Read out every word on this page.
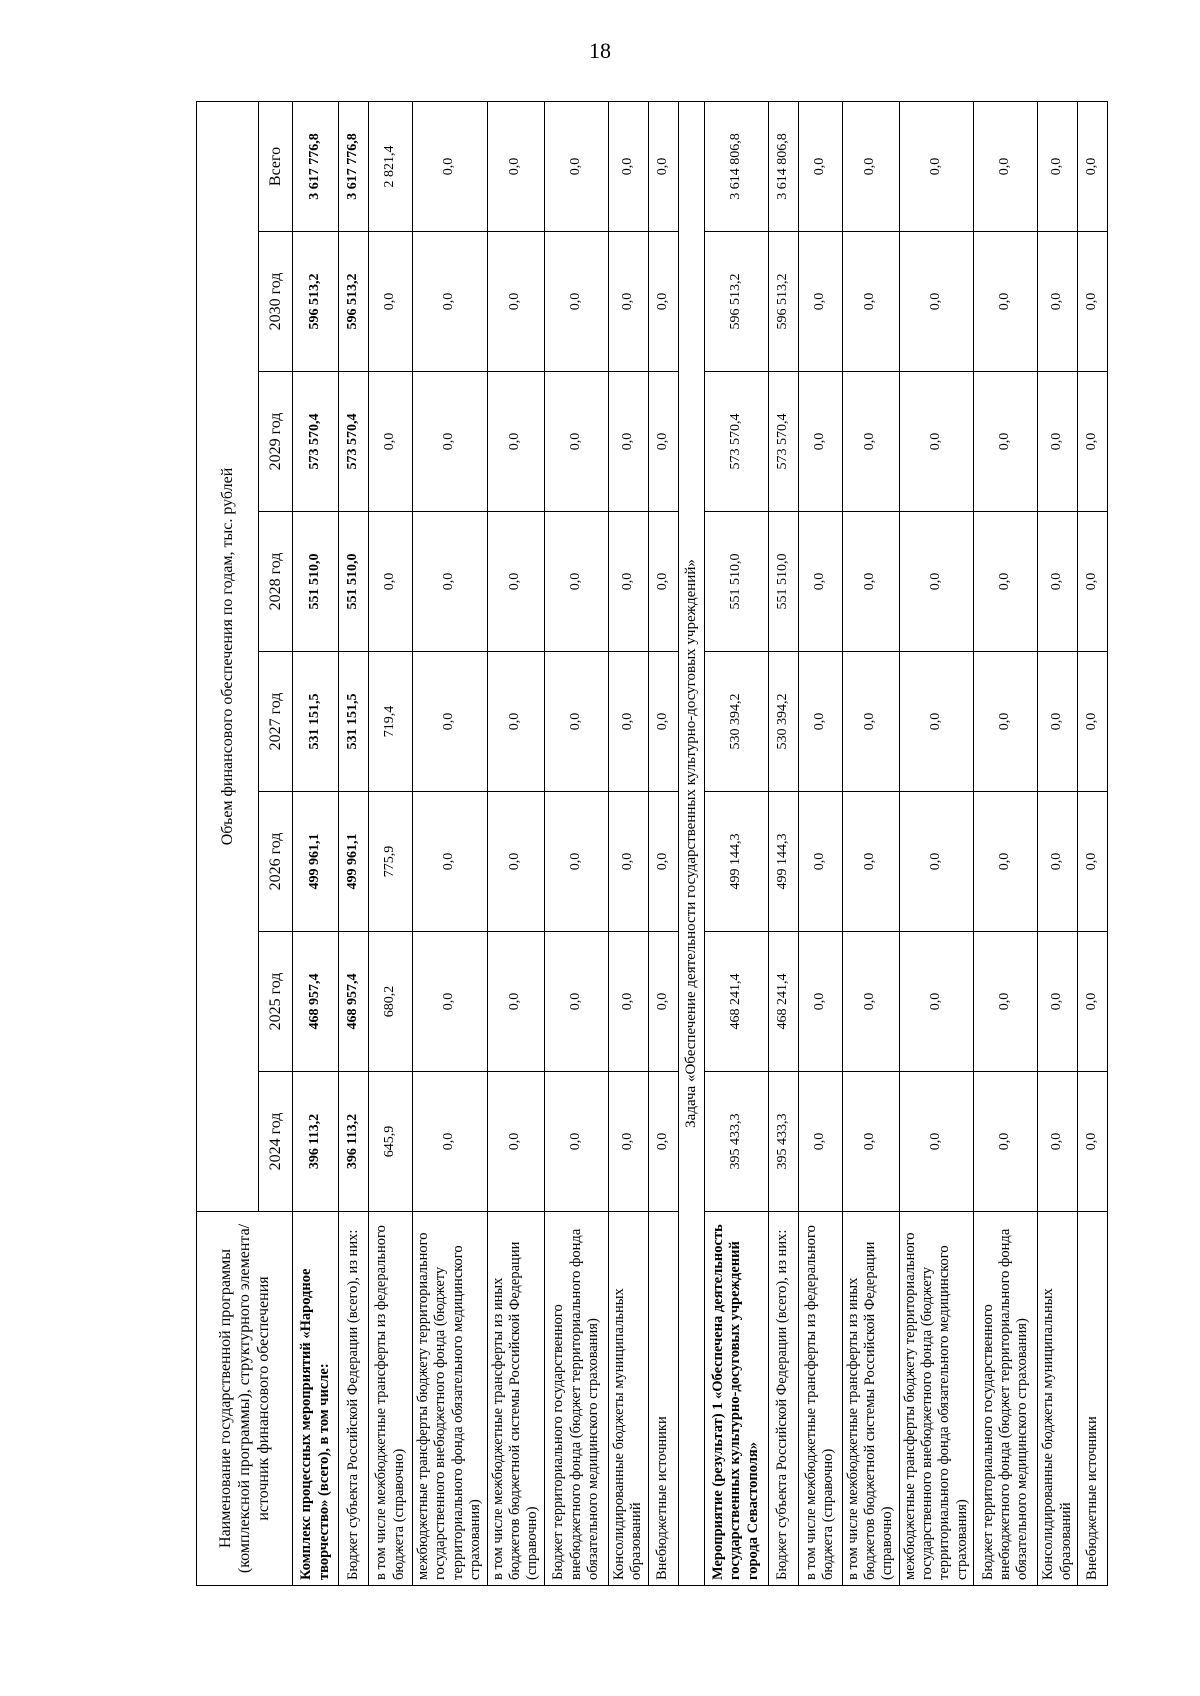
18
Наименование государственной программы (комплексной программы), структурного элемента/источник финансового обеспечения	Объем финансового обеспечения по годам, тыс. рублей							
	2024 год	2025 год	2026 год	2027 год	2028 год	2029 год	2030 год	Всего
Комплекс процессных мероприятий «Народное творчество» (всего), в том числе:	396 113,2	468 957,4	499 961,1	531 151,5	551 510,0	573 570,4	596 513,2	3 617 776,8
Бюджет субъекта Российской Федерации (всего), из них:	396 113,2	468 957,4	499 961,1	531 151,5	551 510,0	573 570,4	596 513,2	3 617 776,8
в том числе межбюджетные трансферты из федерального бюджета (справочно)	645,9	680,2	775,9	719,4	0,0	0,0	0,0	2 821,4
межбюджетные трансферты бюджету территориального государственного внебюджетного фонда (бюджету территориального фонда обязательного медицинского страхования)	0,0	0,0	0,0	0,0	0,0	0,0	0,0	0,0
в том числе межбюджетные трансферты из иных бюджетов бюджетной системы Российской Федерации (справочно)	0,0	0,0	0,0	0,0	0,0	0,0	0,0	0,0
Бюджет территориального государственного внебюджетного фонда (бюджет территориального фонда обязательного медицинского страхования)	0,0	0,0	0,0	0,0	0,0	0,0	0,0	0,0
Консолидированные бюджеты муниципальных образований	0,0	0,0	0,0	0,0	0,0	0,0	0,0	0,0
Внебюджетные источники	0,0	0,0	0,0	0,0	0,0	0,0	0,0	0,0
Задача «Обеспечение деятельности государственных культурно-досуговых учреждений»								
Мероприятие (результат) 1 «Обеспечена деятельность государственных культурно-досуговых учреждений города Севастополя»	395 433,3	468 241,4	499 144,3	530 394,2	551 510,0	573 570,4	596 513,2	3 614 806,8
Бюджет субъекта Российской Федерации (всего), из них:	395 433,3	468 241,4	499 144,3	530 394,2	551 510,0	573 570,4	596 513,2	3 614 806,8
в том числе межбюджетные трансферты из федерального бюджета (справочно)	0,0	0,0	0,0	0,0	0,0	0,0	0,0	0,0
в том числе межбюджетные трансферты из иных бюджетов бюджетной системы Российской Федерации (справочно)	0,0	0,0	0,0	0,0	0,0	0,0	0,0	0,0
межбюджетные трансферты бюджету территориального государственного внебюджетного фонда (бюджету территориального фонда обязательного медицинского страхования)	0,0	0,0	0,0	0,0	0,0	0,0	0,0	0,0
Бюджет территориального государственного внебюджетного фонда (бюджет территориального фонда обязательного медицинского страхования)	0,0	0,0	0,0	0,0	0,0	0,0	0,0	0,0
Консолидированные бюджеты муниципальных образований	0,0	0,0	0,0	0,0	0,0	0,0	0,0	0,0
Внебюджетные источники	0,0	0,0	0,0	0,0	0,0	0,0	0,0	0,0
